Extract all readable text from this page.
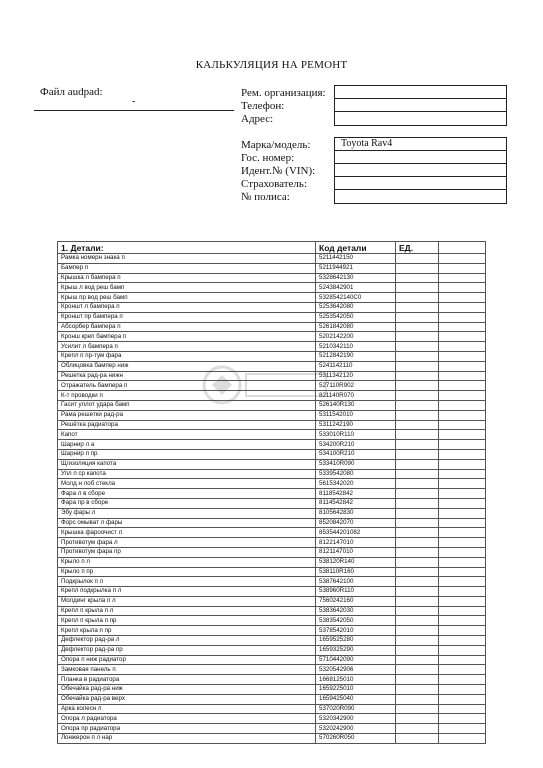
КАЛЬКУЛЯЦИЯ НА РЕМОНТ
Файл audpad:
-
Рем. организация:
Телефон:
Адрес:
Марка/модель:
Гос. номер:
Идент.№ (VIN):
Страхователь:
№ полиса:
Toyota Rav4
1. Детали:	Код детали	ЕД.	
Рамка номерн знака п	5211442150		
Бампер п	5211944921		
Крышка л бампера п	5328642130		
Крыш л вод реш бамп	5243842901		
Крыш пр вод реш бамп	5328542140C0		
Кроншт л бампера п	5253642080		
Кроншт пр бампера п	5253542050		
Абсорбер бампера п	5261842080		
Кронш креп бампера п	5202142200		
Усилит л бампера п	5210342110		
Крепл п пр-тум фара	5212842190		
Облицовка бампер ниж	5241142110		
Решетка рад-ра нижн	5311342120		
Отражатель бампера п	527110R902		
К-т проводки п	821140R070		
Гасит уплот удара бамп	526140R130		
Рама решетки рад-ра	5311542010		
Решётка радиатора	5311242190		
Капот	533010R110		
Шарнир л а	534200R210		
Шарнир п пр	534100R210		
Щ/изоляция капота	533410R090		
Упл п ср капота	5339542080		
Молд н лоб стекла	5615342020		
Фара л в сборе	8118542842		
Фара пр в сборе	8114542842		
Эбу фары л	8105642830		
Форс омыват л фары	8520842070		
Крышка фароочист л	853544201082		
Противотум фара л	8122147010		
Противотум фара пр	8121147010		
Крыло п л	538120R140		
Крыло п пр	538110R160		
Подкрылок п л	5387642100		
Крепл подкрылка п л	538960R110		
Молдинг крыла п л	7560242160		
Крепл п крыла п л	5383642030		
Крепл п крыла п пр	5383542050		
Крепл крыла п пр	5378542010		
Дефлектор рад-ра л	1659525280		
Дефлектор рад-ра пр	1659325290		
Опора п ниж радиатор	5710442090		
Замковая панель п	5320542906		
Планка в радиатора	1668125010		
Обечайка рад-ра ниж	1659225010		
Обечайка рад-ра верх	1659425040		
Арка колесн л	537020R090		
Опора л радиатора	5320342900		
Опора пр радиатора	5320242900		
Лонжерон п л нар	570260R050		
